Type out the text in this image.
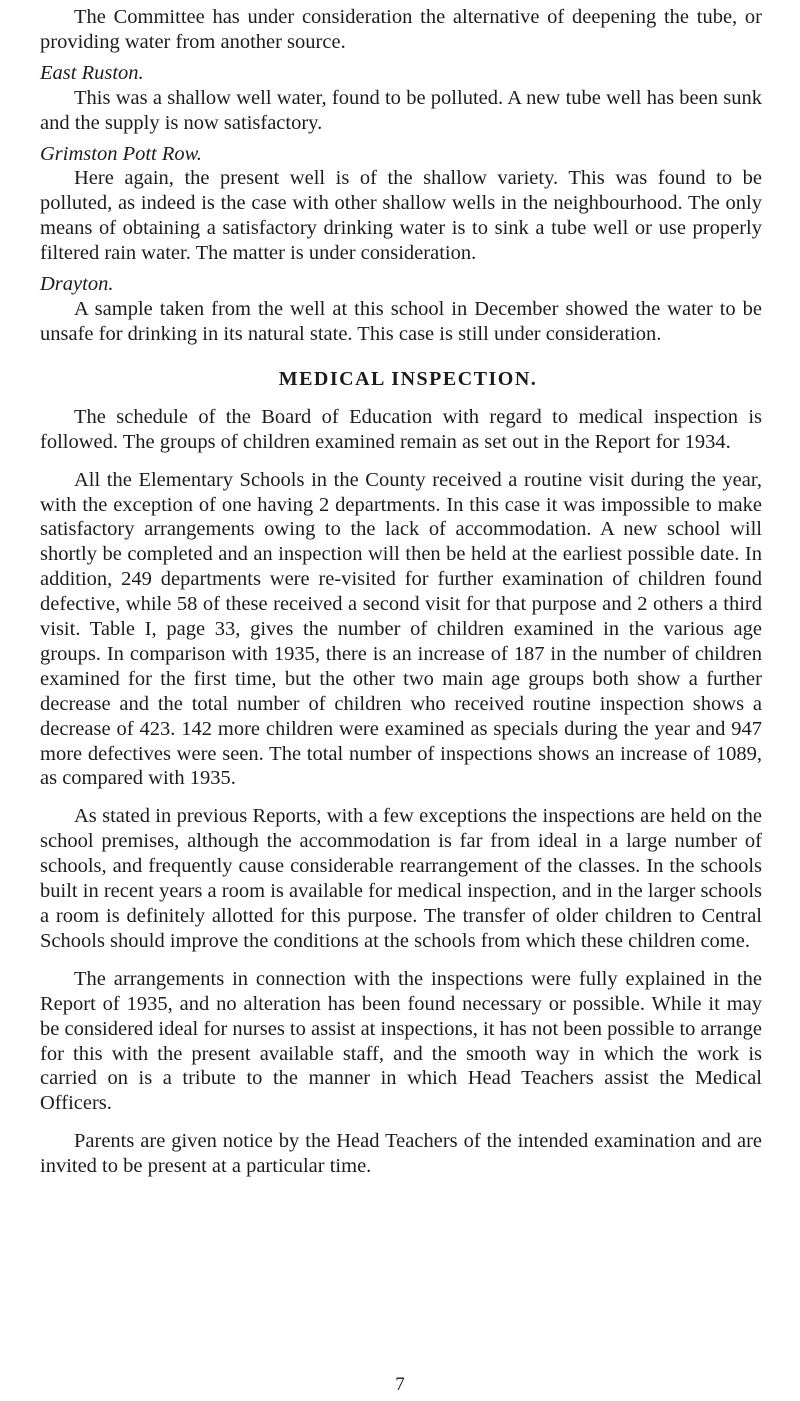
The Committee has under consideration the alternative of deepening the tube, or providing water from another source.

East Ruston.

This was a shallow well water, found to be polluted. A new tube well has been sunk and the supply is now satisfactory.

Grimston Pott Row.

Here again, the present well is of the shallow variety. This was found to be polluted, as indeed is the case with other shallow wells in the neighbourhood. The only means of obtaining a satisfactory drinking water is to sink a tube well or use properly filtered rain water. The matter is under consideration.

Drayton.

A sample taken from the well at this school in December showed the water to be unsafe for drinking in its natural state. This case is still under consideration.

MEDICAL INSPECTION.

The schedule of the Board of Education with regard to medical inspection is followed. The groups of children examined remain as set out in the Report for 1934.

All the Elementary Schools in the County received a routine visit during the year, with the exception of one having 2 departments. In this case it was impossible to make satisfactory arrangements owing to the lack of accommodation. A new school will shortly be completed and an inspection will then be held at the earliest possible date. In addition, 249 departments were re-visited for further examination of children found defective, while 58 of these received a second visit for that purpose and 2 others a third visit. Table I, page 33, gives the number of children examined in the various age groups. In comparison with 1935, there is an increase of 187 in the number of children examined for the first time, but the other two main age groups both show a further decrease and the total number of children who received routine inspection shows a decrease of 423. 142 more children were examined as specials during the year and 947 more defectives were seen. The total number of inspections shows an increase of 1089, as compared with 1935.

As stated in previous Reports, with a few exceptions the inspections are held on the school premises, although the accommodation is far from ideal in a large number of schools, and frequently cause considerable rearrangement of the classes. In the schools built in recent years a room is available for medical inspection, and in the larger schools a room is definitely allotted for this purpose. The transfer of older children to Central Schools should improve the conditions at the schools from which these children come.

The arrangements in connection with the inspections were fully explained in the Report of 1935, and no alteration has been found necessary or possible. While it may be considered ideal for nurses to assist at inspections, it has not been possible to arrange for this with the present available staff, and the smooth way in which the work is carried on is a tribute to the manner in which Head Teachers assist the Medical Officers.

Parents are given notice by the Head Teachers of the intended examination and are invited to be present at a particular time.

7
